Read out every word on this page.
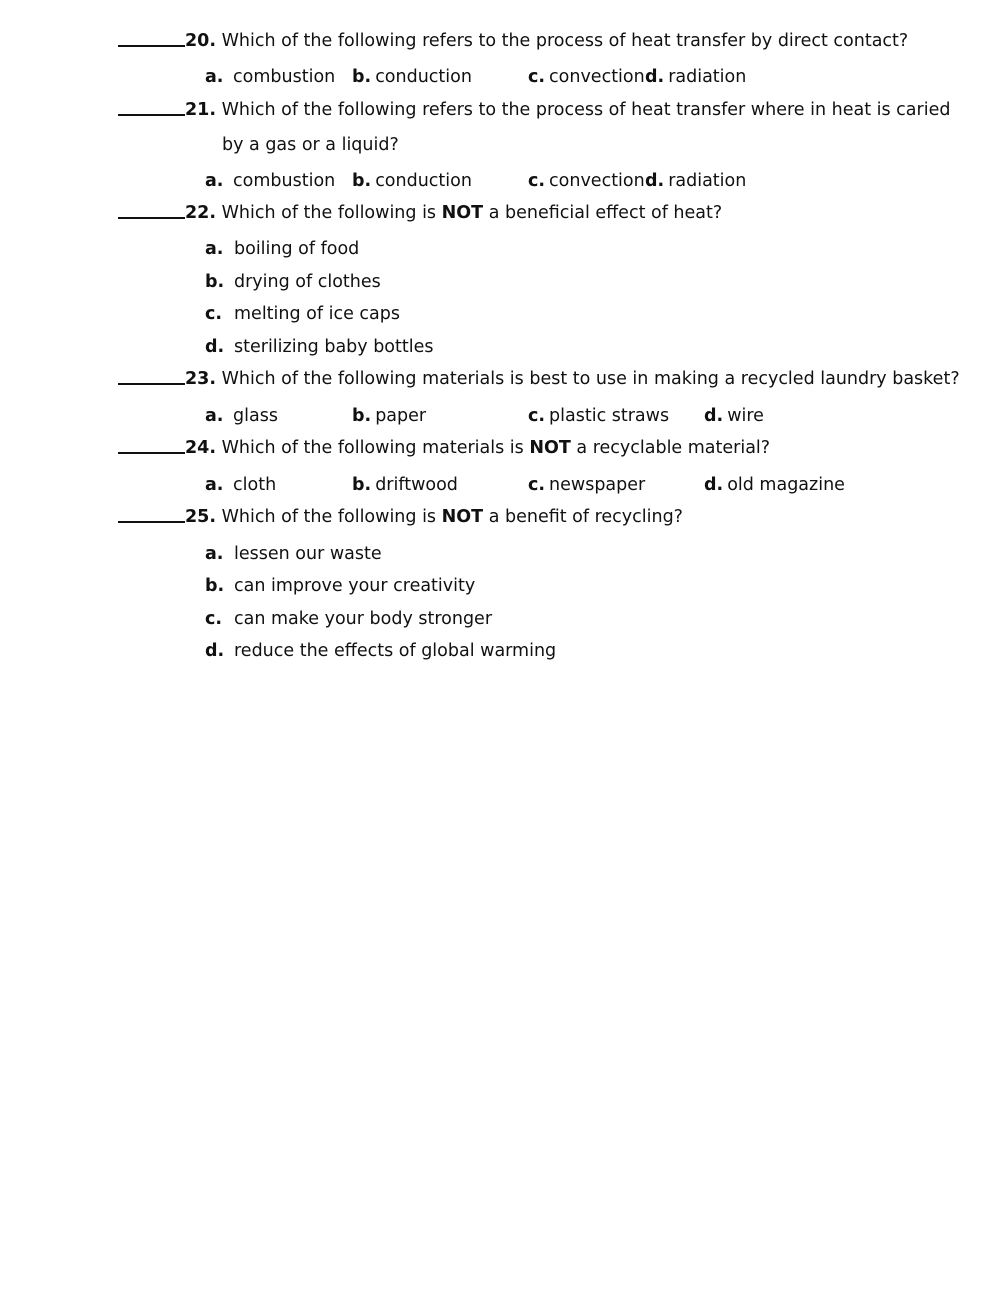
20. Which of the following refers to the process of heat transfer by direct contact?
a. combustion b. conduction	c. convection d. radiation
21. Which of the following refers to the process of heat transfer where in heat is caried
by a gas or a liquid?
a. combustion b. conduction	c. convection d. radiation
22. Which of the following is NOT a beneficial effect of heat?
a. boiling of food
b. drying of clothes
c. melting of ice caps
d. sterilizing baby bottles
23. Which of the following materials is best to use in making a recycled laundry basket?
a. glass	b. paper	c. plastic straws d. wire
24. Which of the following materials is NOT a recyclable material?
a. cloth	b. driftwood	c. newspaper	d. old magazine
25. Which of the following is NOT a benefit of recycling?
a. lessen our waste
b. can improve your creativity
c. can make your body stronger
d. reduce the effects of global warming
